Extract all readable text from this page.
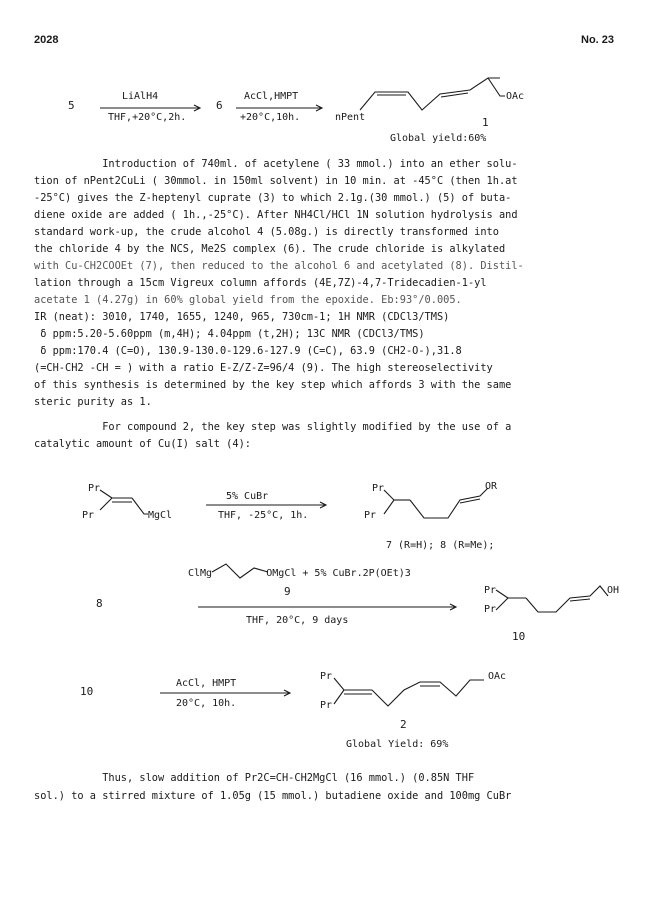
2028	No. 23
5
LiAlH4
THF,+20°C,2h.
6
AcCl,HMPT
+20°C,10h.	nPent
OAc
1
Global yield:60%
Introduction of 740ml. of acetylene ( 33 mmol.) into an ether solu-
tion of nPent2CuLi ( 30mmol. in 150ml solvent) in 10 min. at -45°C (then 1h.at
-25°C) gives the Z-heptenyl cuprate (3) to which 2.1g.(30 mmol.) (5) of buta-
diene oxide are added ( 1h.,-25°C). After NH4Cl/HCl 1N solution hydrolysis and
standard work-up, the crude alcohol 4 (5.08g.) is directly transformed into
the chloride 4 by the NCS, Me2S complex (6). The crude chloride is alkylated
with Cu-CH2COOEt (7), then reduced to the alcohol 6 and acetylated (8). Distil-
lation through a 15cm Vigreux column affords (4E,7Z)-4,7-Tridecadien-1-yl
acetate 1 (4.27g) in 60% global yield from the epoxide. Eb:93°/0.005.
IR (neat): 3010, 1740, 1655, 1240, 965, 730cm-1; 1H NMR (CDCl3/TMS)
δ ppm:5.20-5.60ppm (m,4H); 4.04ppm (t,2H); 13C NMR (CDCl3/TMS)
δ ppm:170.4 (C=O), 130.9-130.0-129.6-127.9 (C=C), 63.9 (CH2-O-),31.8
(=CH-CH2 -CH = ) with a ratio E-Z/Z-Z=96/4 (9). The high stereoselectivity
of this synthesis is determined by the key step which affords 3 with the same
steric purity as 1.
For compound 2, the key step was slightly modified by the use of a
catalytic amount of Cu(I) salt (4):
Pr
Pr	MgCl
5% CuBr
THF, -25°C, 1h.
Pr
Pr
OR
7 (R=H); 8 (R=Me);
ClMg         OMgCl + 5% CuBr.2P(OEt)3
9
8
THF, 20°C, 9 days
Pr
Pr
OH
10
10
AcCl, HMPT
20°C, 10h.
Pr
Pr
OAc
2
Global Yield: 69%
Thus, slow addition of Pr2C=CH-CH2MgCl (16 mmol.) (0.85N THF
sol.) to a stirred mixture of 1.05g (15 mmol.) butadiene oxide and 100mg CuBr
